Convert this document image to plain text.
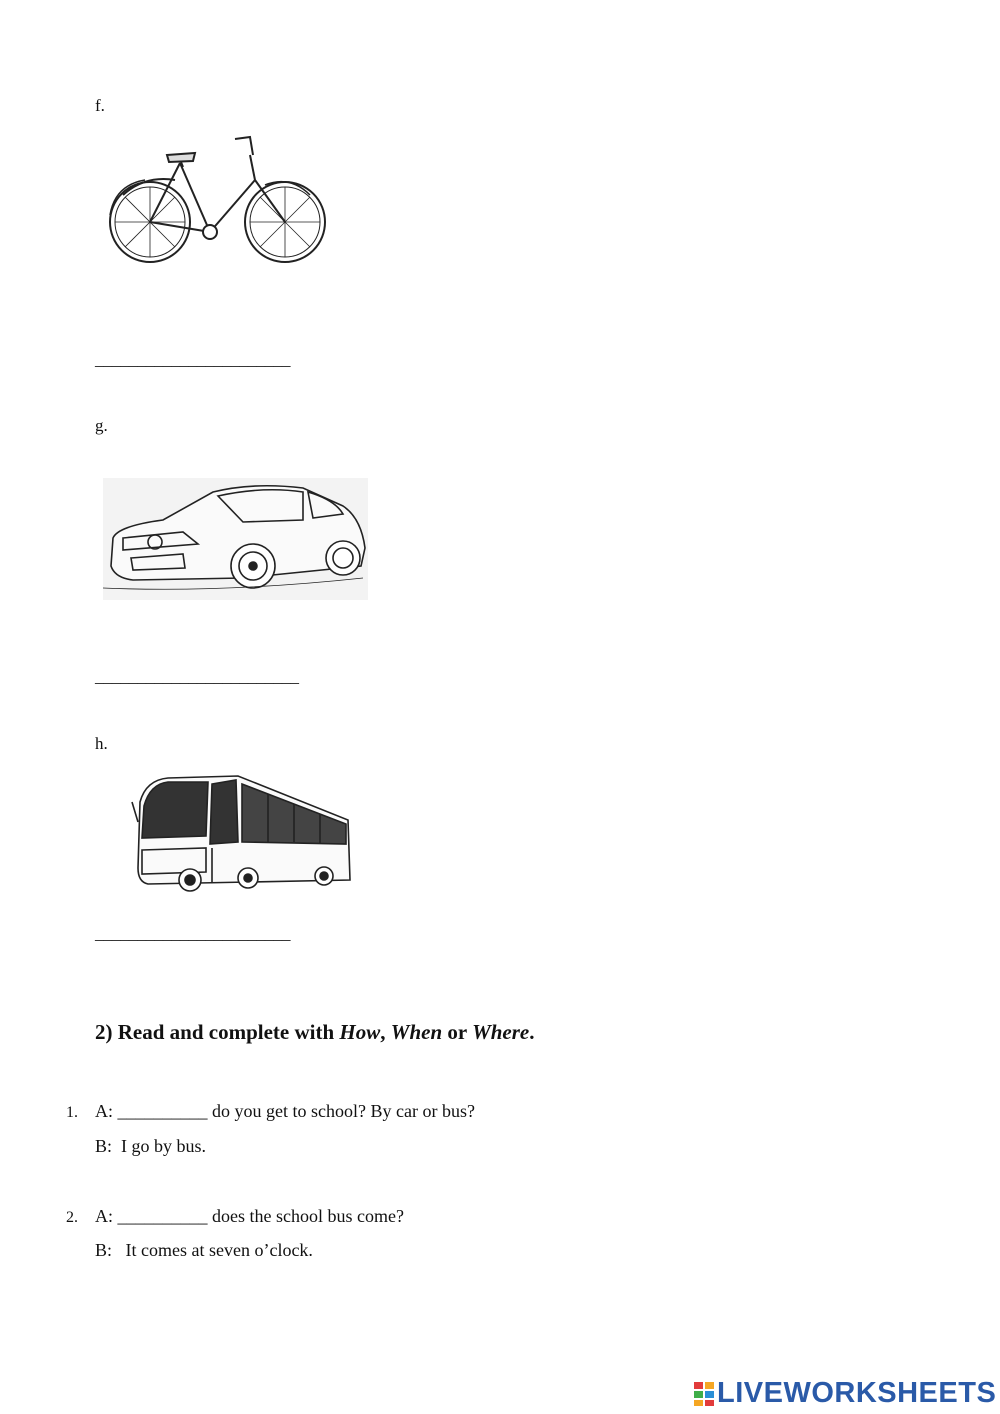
f.
_______________________
g.
________________________
h.
_______________________
2) Read and complete with How, When or Where.
1. A: __________ do you get to school? By car or bus?
B:  I go by bus.
2. A: __________ does the school bus come?
B:   It comes at seven o’clock.
LIVEWORKSHEETS
